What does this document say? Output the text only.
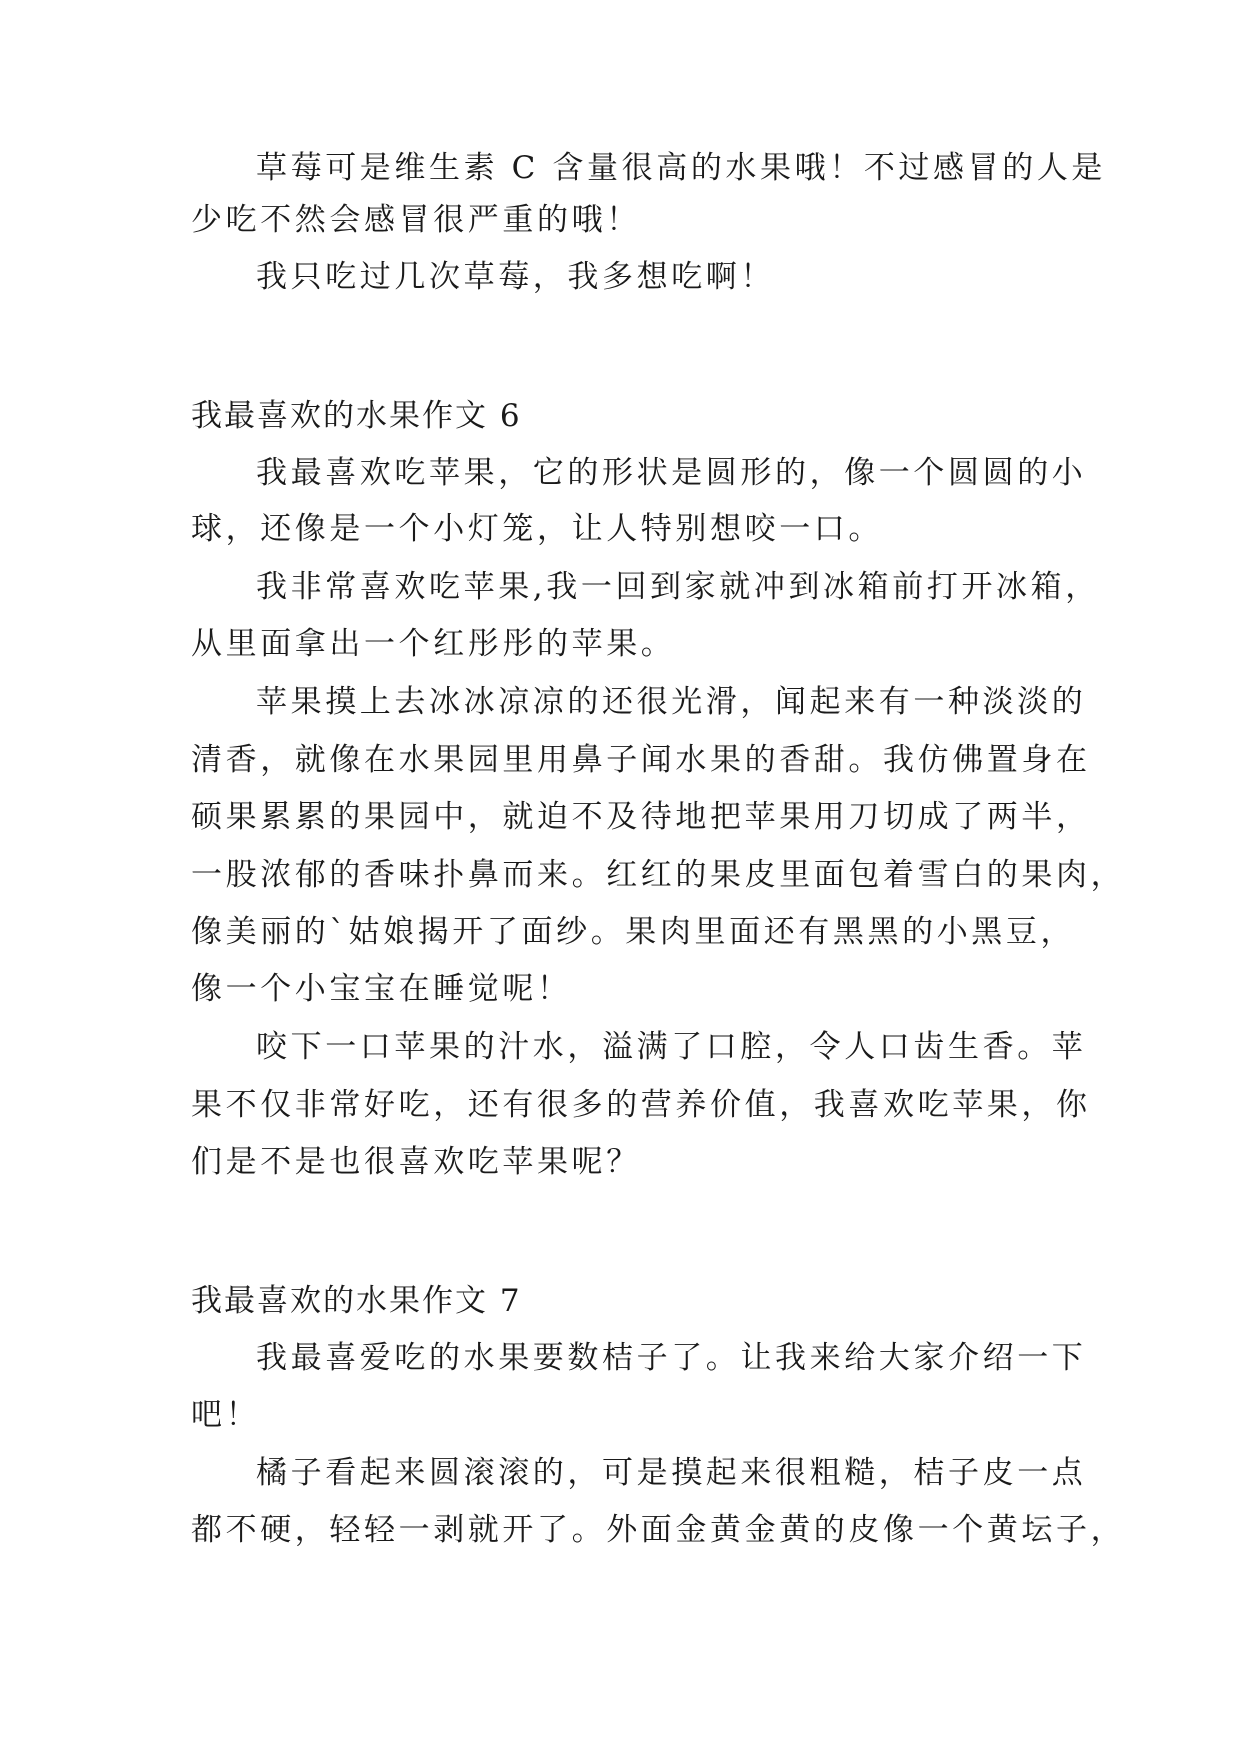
草莓可是维生素 C 含量很高的水果哦！不过感冒的人是
少吃不然会感冒很严重的哦！
我只吃过几次草莓，我多想吃啊！
我最喜欢的水果作文 6
我最喜欢吃苹果，它的形状是圆形的，像一个圆圆的小
球，还像是一个小灯笼，让人特别想咬一口。
我非常喜欢吃苹果,我一回到家就冲到冰箱前打开冰箱，
从里面拿出一个红彤彤的苹果。
苹果摸上去冰冰凉凉的还很光滑，闻起来有一种淡淡的
清香，就像在水果园里用鼻子闻水果的香甜。我仿佛置身在
硕果累累的果园中，就迫不及待地把苹果用刀切成了两半，
一股浓郁的香味扑鼻而来。红红的果皮里面包着雪白的果肉，
像美丽的`姑娘揭开了面纱。果肉里面还有黑黑的小黑豆，
像一个小宝宝在睡觉呢！
咬下一口苹果的汁水，溢满了口腔，令人口齿生香。苹
果不仅非常好吃，还有很多的营养价值，我喜欢吃苹果，你
们是不是也很喜欢吃苹果呢？
我最喜欢的水果作文 7
我最喜爱吃的水果要数桔子了。让我来给大家介绍一下
吧！
橘子看起来圆滚滚的，可是摸起来很粗糙，桔子皮一点
都不硬，轻轻一剥就开了。外面金黄金黄的皮像一个黄坛子，
